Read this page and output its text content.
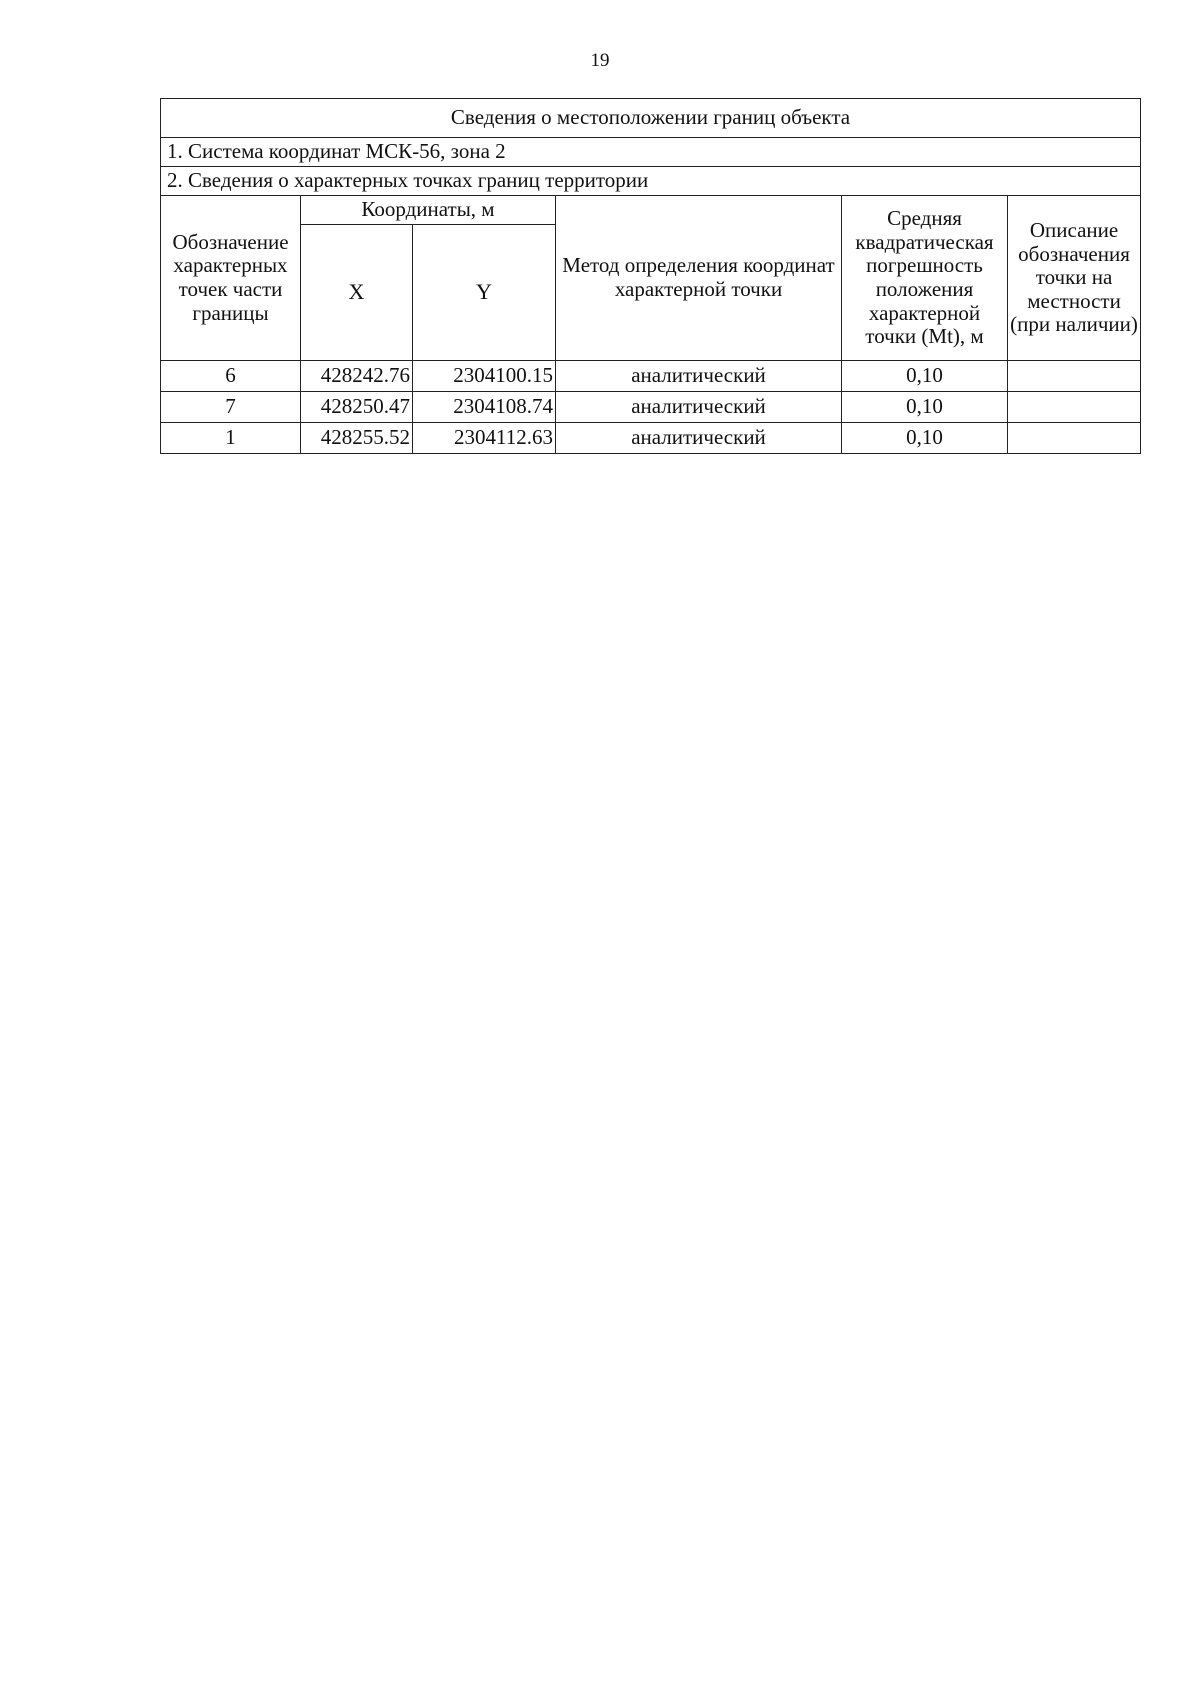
19
Сведения о местоположении границ объекта					
1. Система координат МСК-56, зона 2					
2. Сведения о характерных точках границ территории					
Обозначение характерных точек части границы	Координаты, м		Метод определения координат характерной точки	Средняя квадратическая погрешность положения характерной точки (Mt), м	Описание обозначения точки на местности (при наличии)
	X	Y			
6	428242.76	2304100.15	аналитический	0,10	
7	428250.47	2304108.74	аналитический	0,10	
1	428255.52	2304112.63	аналитический	0,10	
